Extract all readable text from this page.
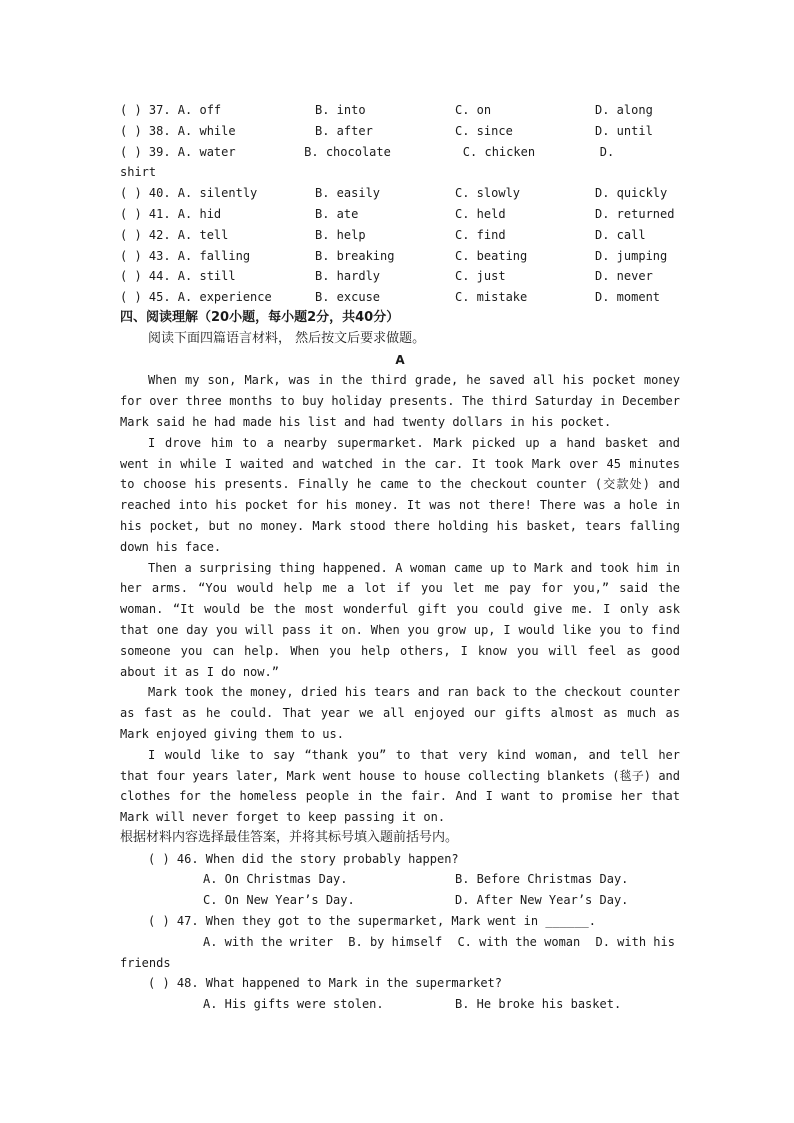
( ) 37. A. off	B. into	C. on	D. along
( ) 38. A. while	B. after	C. since	D. until
( ) 39. A. water	B. chocolate	C. chicken	D.
shirt
( ) 40. A. silently	B. easily	C. slowly	D. quickly
( ) 41. A. hid	B. ate	C. held	D. returned
( ) 42. A. tell	B. help	C. find	D. call
( ) 43. A. falling	B. breaking	C. beating	D. jumping
( ) 44. A. still	B. hardly	C. just	D. never
( ) 45. A. experience	B. excuse	C. mistake	D. moment
四、阅读理解（20小题，每小题2分，共40分）
阅读下面四篇语言材料， 然后按文后要求做题。
A

When my son, Mark, was in the third grade, he saved all his pocket money for over three months to buy holiday presents. The third Saturday in December Mark said he had made his list and had twenty dollars in his pocket.

I drove him to a nearby supermarket. Mark picked up a hand basket and went in while I waited and watched in the car. It took Mark over 45 minutes to choose his presents. Finally he came to the checkout counter (交款处) and reached into his pocket for his money. It was not there! There was a hole in his pocket, but no money. Mark stood there holding his basket, tears falling down his face.

Then a surprising thing happened. A woman came up to Mark and took him in her arms. “You would help me a lot if you let me pay for you,” said the woman. “It would be the most wonderful gift you could give me. I only ask that one day you will pass it on. When you grow up, I would like you to find someone you can help. When you help others, I know you will feel as good about it as I do now.”

Mark took the money, dried his tears and ran back to the checkout counter as fast as he could. That year we all enjoyed our gifts almost as much as Mark enjoyed giving them to us.

I would like to say “thank you” to that very kind woman, and tell her that four years later, Mark went house to house collecting blankets (毯子) and clothes for the homeless people in the fair. And I want to promise her that Mark will never forget to keep passing it on.

根据材料内容选择最佳答案，并将其标号填入题前括号内。
( ) 46. When did the story probably happen?
A. On Christmas Day.	B. Before Christmas Day.
C. On New Year’s Day.	D. After New Year’s Day.
( ) 47. When they got to the supermarket, Mark went in ______.
A. with the writer B. by himself C. with the woman D. with his
friends
( ) 48. What happened to Mark in the supermarket?
A. His gifts were stolen.	B. He broke his basket.
